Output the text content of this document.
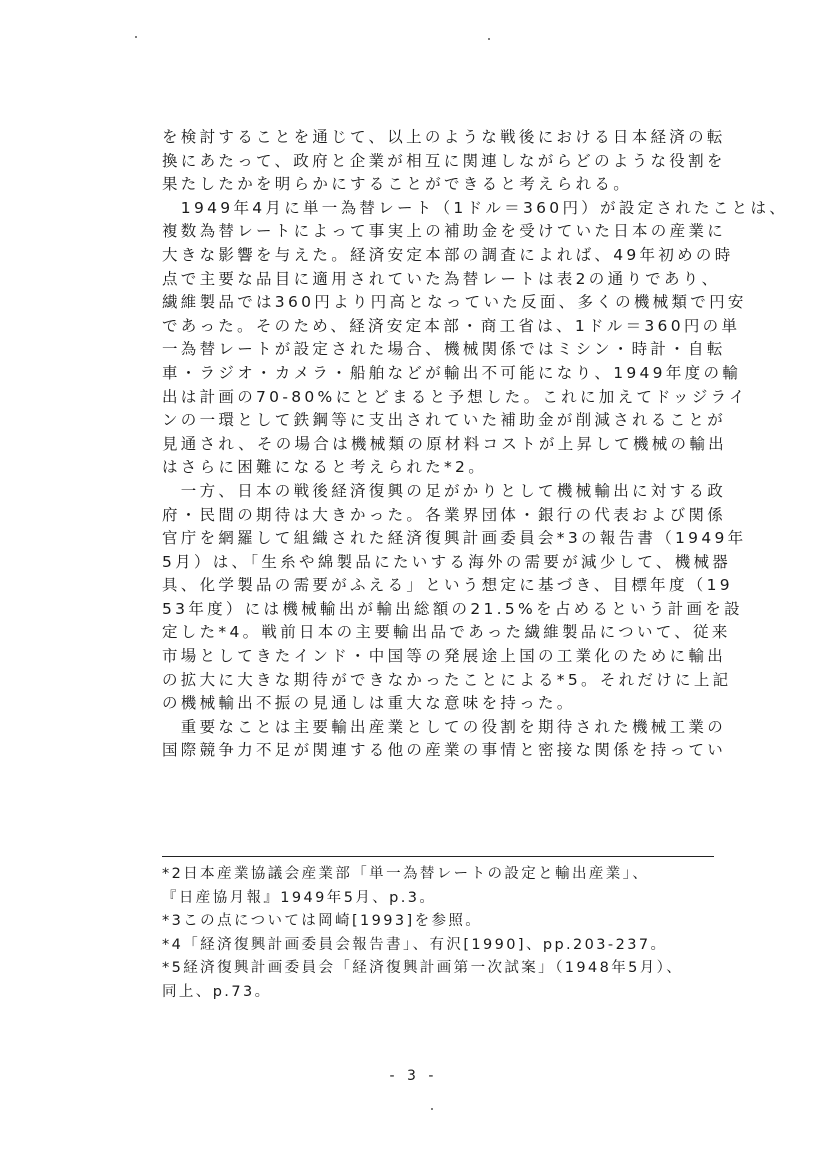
を検討することを通じて、以上のような戦後における日本経済の転
換にあたって、政府と企業が相互に関連しながらどのような役割を
果たしたかを明らかにすることができると考えられる。
　1949年4月に単一為替レート（1ドル＝360円）が設定されたことは、
複数為替レートによって事実上の補助金を受けていた日本の産業に
大きな影響を与えた。経済安定本部の調査によれば、49年初めの時
点で主要な品目に適用されていた為替レートは表2の通りであり、
繊維製品では360円より円高となっていた反面、多くの機械類で円安
であった。そのため、経済安定本部・商工省は、1ドル＝360円の単
一為替レートが設定された場合、機械関係ではミシン・時計・自転
車・ラジオ・カメラ・船舶などが輸出不可能になり、1949年度の輸
出は計画の70-80%にとどまると予想した。これに加えてドッジライ
ンの一環として鉄鋼等に支出されていた補助金が削減されることが
見通され、その場合は機械類の原材料コストが上昇して機械の輸出
はさらに困難になると考えられた*2。
　一方、日本の戦後経済復興の足がかりとして機械輸出に対する政
府・民間の期待は大きかった。各業界団体・銀行の代表および関係
官庁を網羅して組織された経済復興計画委員会*3の報告書（1949年
5月）は、「生糸や綿製品にたいする海外の需要が減少して、機械器
具、化学製品の需要がふえる」という想定に基づき、目標年度（19
53年度）には機械輸出が輸出総額の21.5%を占めるという計画を設
定した*4。戦前日本の主要輸出品であった繊維製品について、従来
市場としてきたインド・中国等の発展途上国の工業化のために輸出
の拡大に大きな期待ができなかったことによる*5。それだけに上記
の機械輸出不振の見通しは重大な意味を持った。
　重要なことは主要輸出産業としての役割を期待された機械工業の
国際競争力不足が関連する他の産業の事情と密接な関係を持ってい
*2日本産業協議会産業部「単一為替レートの設定と輸出産業」、
『日産協月報』1949年5月、p.3。
*3この点については岡崎[1993]を参照。
*4「経済復興計画委員会報告書」、有沢[1990]、pp.203-237。
*5経済復興計画委員会「経済復興計画第一次試案」（1948年5月）、
同上、p.73。
- 3 -
